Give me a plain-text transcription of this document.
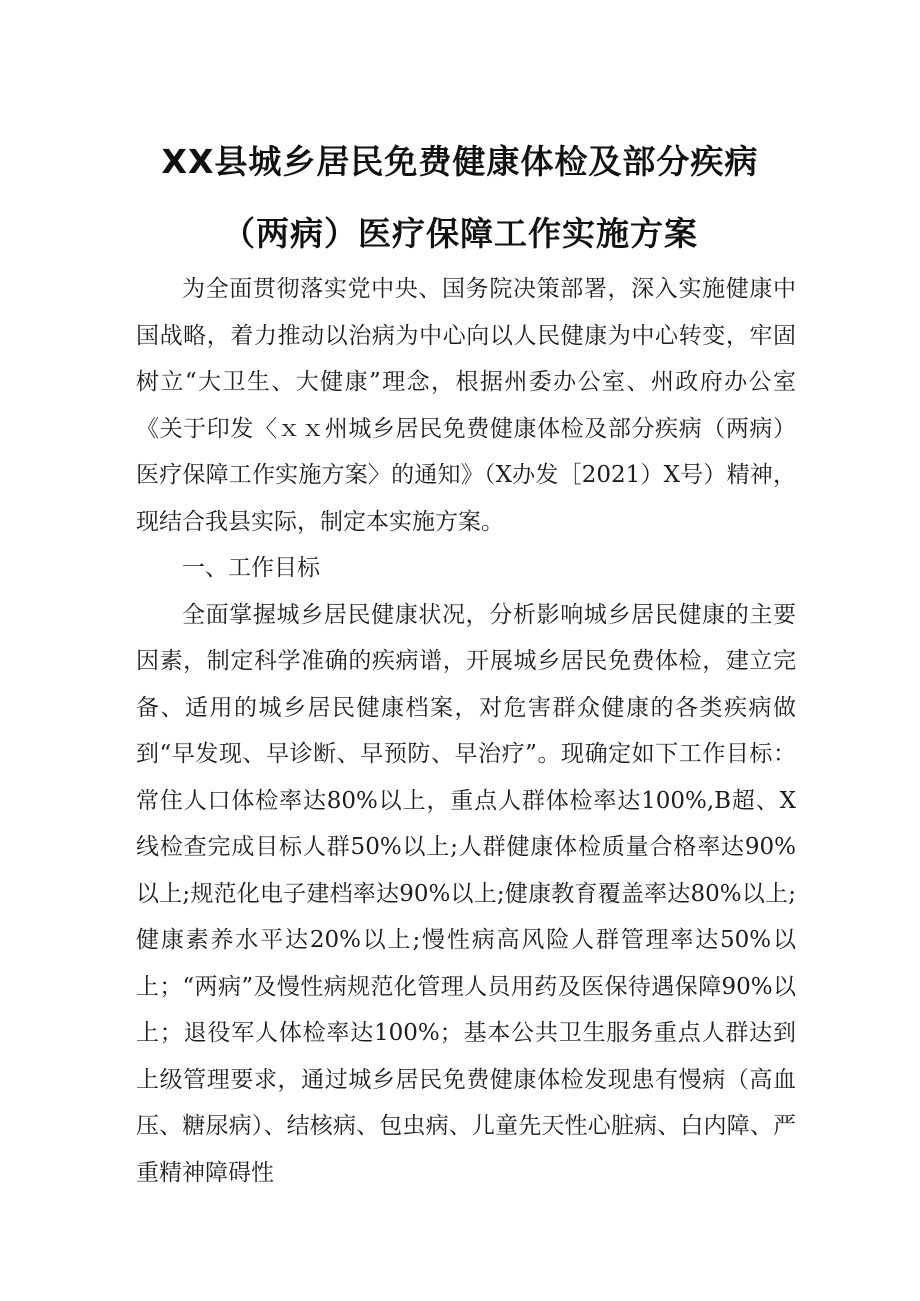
XX县城乡居民免费健康体检及部分疾病
（两病）医疗保障工作实施方案

为全面贯彻落实党中央、国务院决策部署，深入实施健康中国战略，着力推动以治病为中心向以人民健康为中心转变，牢固树立“大卫生、大健康”理念，根据州委办公室、州政府办公室《关于印发〈ｘｘ州城乡居民免费健康体检及部分疾病（两病）医疗保障工作实施方案〉的通知》（X办发［2021）X号）精神，现结合我县实际，制定本实施方案。

一、工作目标

全面掌握城乡居民健康状况，分析影响城乡居民健康的主要因素，制定科学准确的疾病谱，开展城乡居民免费体检，建立完备、适用的城乡居民健康档案，对危害群众健康的各类疾病做到“早发现、早诊断、早预防、早治疗”。现确定如下工作目标：常住人口体检率达80%以上，重点人群体检率达100%,B超、X线检查完成目标人群50%以上;人群健康体检质量合格率达90%以上;规范化电子建档率达90%以上;健康教育覆盖率达80%以上;健康素养水平达20%以上;慢性病高风险人群管理率达50%以上；“两病”及慢性病规范化管理人员用药及医保待遇保障90%以上；退役军人体检率达100%；基本公共卫生服务重点人群达到上级管理要求，通过城乡居民免费健康体检发现患有慢病（高血压、糖尿病）、结核病、包虫病、儿童先天性心脏病、白内障、严重精神障碍性
